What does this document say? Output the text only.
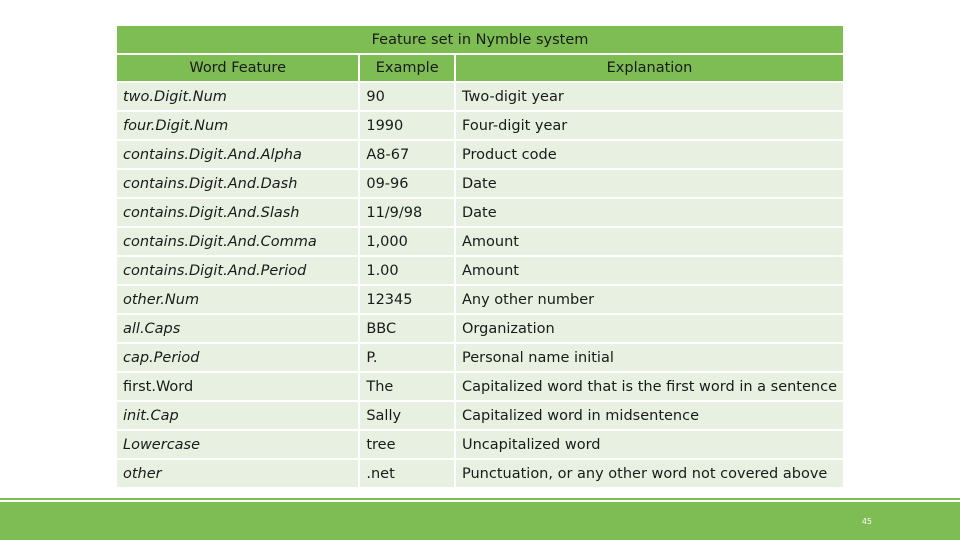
Feature set in Nymble system		
Word Feature	Example	Explanation
two.Digit.Num	90	Two-digit year
four.Digit.Num	1990	Four-digit year
contains.Digit.And.Alpha	A8-67	Product code
contains.Digit.And.Dash	09-96	Date
contains.Digit.And.Slash	11/9/98	Date
contains.Digit.And.Comma	1,000	Amount
contains.Digit.And.Period	1.00	Amount
other.Num	12345	Any other number
all.Caps	BBC	Organization
cap.Period	P.	Personal name initial
first.Word	The	Capitalized word that is the first word in a sentence
init.Cap	Sally	Capitalized word in midsentence
Lowercase	tree	Uncapitalized word
other	.net	Punctuation, or any other word not covered above
45
